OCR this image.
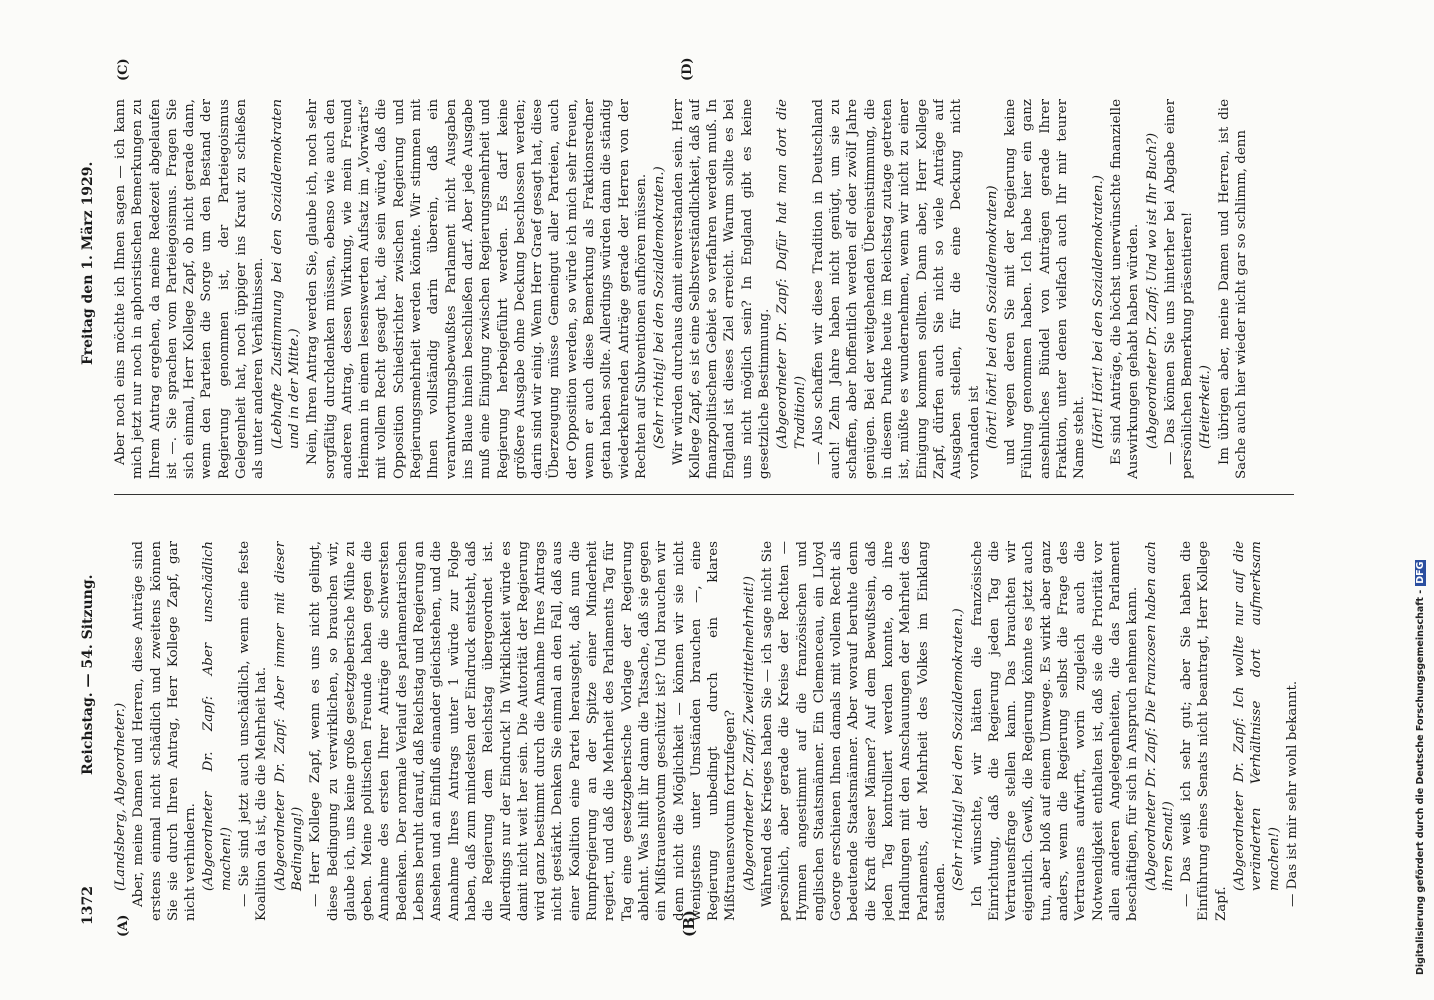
1372
Reichstag. — 54. Sitzung.
Freitag den 1. März 1929.
(A)	(B)
(C)	(D)

(Landsberg, Abgeordneter.) Aber, meine Damen und Herren, diese Anträge sind erstens einmal nicht schädlich und zweitens können Sie sie durch Ihren Antrag, Herr Kollege Zapf, gar nicht verhindern. (Abgeordneter Dr. Zapf: Aber unschädlich machen!) — Sie sind jetzt auch unschädlich, wenn eine feste Koalition da ist, die die Mehrheit hat. (Abgeordneter Dr. Zapf: Aber immer mit dieser Bedingung!) — Herr Kollege Zapf, wenn es uns nicht gelingt, diese Bedingung zu verwirklichen, so brauchen wir, glaube ich, uns keine große gesetzgeberische Mühe zu geben. Meine politischen Freunde haben gegen die Annahme des ersten Ihrer Anträge die schwersten Bedenken. Der normale Verlauf des parlamentarischen Lebens beruht darauf, daß Reichstag und Regierung an Ansehen und an Einfluß einander gleichstehen, und die Annahme Ihres Antrags unter 1 würde zur Folge haben, daß zum mindesten der Eindruck entsteht, daß die Regierung dem Reichstag übergeordnet ist. Allerdings nur der Eindruck! In Wirklichkeit würde es damit nicht weit her sein. Die Autorität der Regierung wird ganz bestimmt durch die Annahme Ihres Antrags nicht gestärkt. Denken Sie einmal an den Fall, daß aus einer Koalition eine Partei herausgeht, daß nun die Rumpfregierung an der Spitze einer Minderheit regiert, und daß die Mehrheit des Parlaments Tag für Tag eine gesetzgeberische Vorlage der Regierung ablehnt. Was hilft ihr dann die Tatsache, daß sie gegen ein Mißtrauensvotum geschützt ist? Und brauchen wir denn nicht die Möglichkeit — können wir sie nicht wenigstens unter Umständen brauchen —, eine Regierung unbedingt durch ein klares Mißtrauensvotum fortzufegen? (Abgeordneter Dr. Zapf: Zweidrittelmehrheit!) Während des Krieges haben Sie — ich sage nicht Sie persönlich, aber gerade die Kreise der Rechten — Hymnen angestimmt auf die französischen und englischen Staatsmänner. Ein Clemenceau, ein Lloyd George erschienen Ihnen damals mit vollem Recht als bedeutende Staatsmänner. Aber worauf beruhte denn die Kraft dieser Männer? Auf dem Bewußtsein, daß jeden Tag kontrolliert werden konnte, ob ihre Handlungen mit den Anschauungen der Mehrheit des Parlaments, der Mehrheit des Volkes im Einklang standen.

(Sehr richtig! bei den Sozialdemokraten.) Ich wünschte, wir hätten die französische Einrichtung, daß die Regierung jeden Tag die Vertrauensfrage stellen kann. Das brauchten wir eigentlich. Gewiß, die Regierung könnte es jetzt auch tun, aber bloß auf einem Umwege. Es wirkt aber ganz anders, wenn die Regierung selbst die Frage des Vertrauens aufwirft, worin zugleich auch die Notwendigkeit enthalten ist, daß sie die Priorität vor allen anderen Angelegenheiten, die das Parlament beschäftigen, für sich in Anspruch nehmen kann. (Abgeordneter Dr. Zapf: Die Franzosen haben auch ihren Senat!) — Das weiß ich sehr gut; aber Sie haben die Einführung eines Senats nicht beantragt, Herr Kollege Zapf.

(Abgeordneter Dr. Zapf: Ich wollte nur auf die veränderten Verhältnisse dort aufmerksam machen!) — Das ist mir sehr wohl bekannt.

Aber noch eins möchte ich Ihnen sagen — ich kann mich jetzt nur noch in aphoristischen Bemerkungen zu Ihrem Antrag ergehen, da meine Redezeit abgelaufen ist —. Sie sprachen vom Parteiegoismus. Fragen Sie sich einmal, Herr Kollege Zapf, ob nicht gerade dann, wenn den Parteien die Sorge um den Bestand der Regierung genommen ist, der Parteiegoismus Gelegenheit hat, noch üppiger ins Kraut zu schießen als unter anderen Verhältnissen. (Lebhafte Zustimmung bei den Sozialdemokraten und in der Mitte.) Nein, Ihren Antrag werden Sie, glaube ich, noch sehr sorgfältig durchdenken müssen, ebenso wie auch den anderen Antrag, dessen Wirkung, wie mein Freund Heimann in einem lesenswerten Aufsatz im „Vorwärts“ mit vollem Recht gesagt hat, die sein würde, daß die Opposition Schiedsrichter zwischen Regierung und Regierungsmehrheit werden könnte. Wir stimmen mit Ihnen vollständig darin überein, daß ein verantwortungsbewußtes Parlament nicht Ausgaben ins Blaue hinein beschließen darf. Aber jede Ausgabe muß eine Einigung zwischen Regierungsmehrheit und Regierung herbeigeführt werden. Es darf keine größere Ausgabe ohne Deckung beschlossen werden; darin sind wir einig. Wenn Herr Graef gesagt hat, diese Überzeugung müsse Gemeingut aller Parteien, auch der Opposition werden, so würde ich mich sehr freuen, wenn er auch diese Bemerkung als Fraktionsredner getan haben sollte. Allerdings würden dann die ständig wiederkehrenden Anträge gerade der Herren von der Rechten auf Subventionen aufhören müssen. (Sehr richtig! bei den Sozialdemokraten.) Wir würden durchaus damit einverstanden sein. Herr Kollege Zapf, es ist eine Selbstverständlichkeit, daß auf finanzpolitischem Gebiet so verfahren werden muß. In England ist dieses Ziel erreicht. Warum sollte es bei uns nicht möglich sein? In England gibt es keine gesetzliche Bestimmung. (Abgeordneter Dr. Zapf: Dafür hat man dort die Tradition!) — Also schaffen wir diese Tradition in Deutschland auch! Zehn Jahre haben nicht genügt, um sie zu schaffen, aber hoffentlich werden elf oder zwölf Jahre genügen. Bei der weitgehenden Übereinstimmung, die in diesem Punkte heute im Reichstag zutage getreten ist, müßte es wundernehmen, wenn wir nicht zu einer Einigung kommen sollten. Dann aber, Herr Kollege Zapf, dürfen auch Sie nicht so viele Anträge auf Ausgaben stellen, für die eine Deckung nicht vorhanden ist (hört! hört! bei den Sozialdemokraten) und wegen deren Sie mit der Regierung keine Fühlung genommen haben. Ich habe hier ein ganz ansehnliches Bündel von Anträgen gerade Ihrer Fraktion, unter denen vielfach auch Ihr mir teurer Name steht. (Hört! Hört! bei den Sozialdemokraten.) Es sind Anträge, die höchst unerwünschte finanzielle Auswirkungen gehabt haben würden. (Abgeordneter Dr. Zapf: Und wo ist Ihr Buch?) — Das können Sie uns hinterher bei Abgabe einer persönlichen Bemerkung präsentieren! (Heiterkeit.) Im übrigen aber, meine Damen und Herren, ist die Sache auch hier wieder nicht gar so schlimm, denn

Digitalisierung gefördert durch die Deutsche Forschungsgemeinschaft -DFG
